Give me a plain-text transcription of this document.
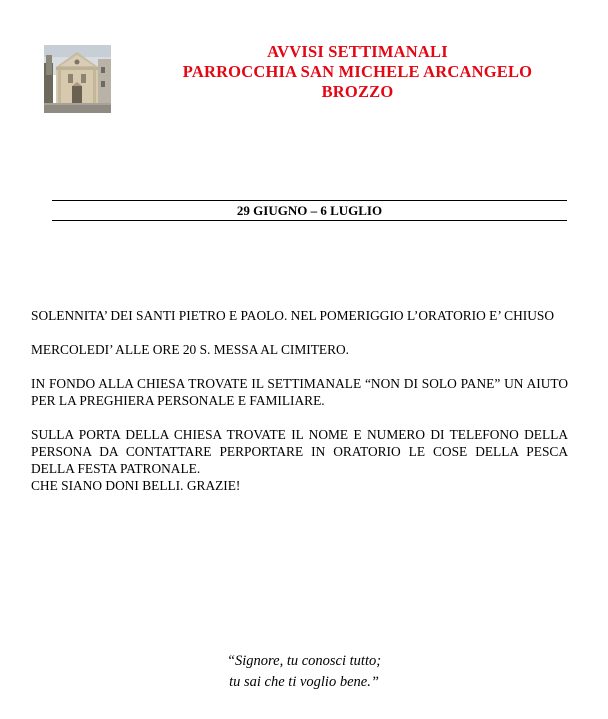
AVVISI SETTIMANALI
PARROCCHIA SAN MICHELE ARCANGELO
BROZZO
29 GIUGNO – 6 LUGLIO

SOLENNITA’ DEI SANTI PIETRO E PAOLO. NEL POMERIGGIO L’ORATORIO E’ CHIUSO

MERCOLEDI’ ALLE ORE 20 S. MESSA AL CIMITERO.

IN FONDO ALLA CHIESA TROVATE IL SETTIMANALE “NON DI SOLO PANE” UN AIUTO PER LA PREGHIERA PERSONALE E FAMILIARE.

SULLA PORTA DELLA CHIESA TROVATE IL NOME E NUMERO DI TELEFONO DELLA PERSONA DA CONTATTARE PERPORTARE IN ORATORIO LE COSE DELLA PESCA DELLA FESTA PATRONALE.

CHE SIANO DONI BELLI. GRAZIE!

“Signore, tu conosci tutto;
tu sai che ti voglio bene.”
